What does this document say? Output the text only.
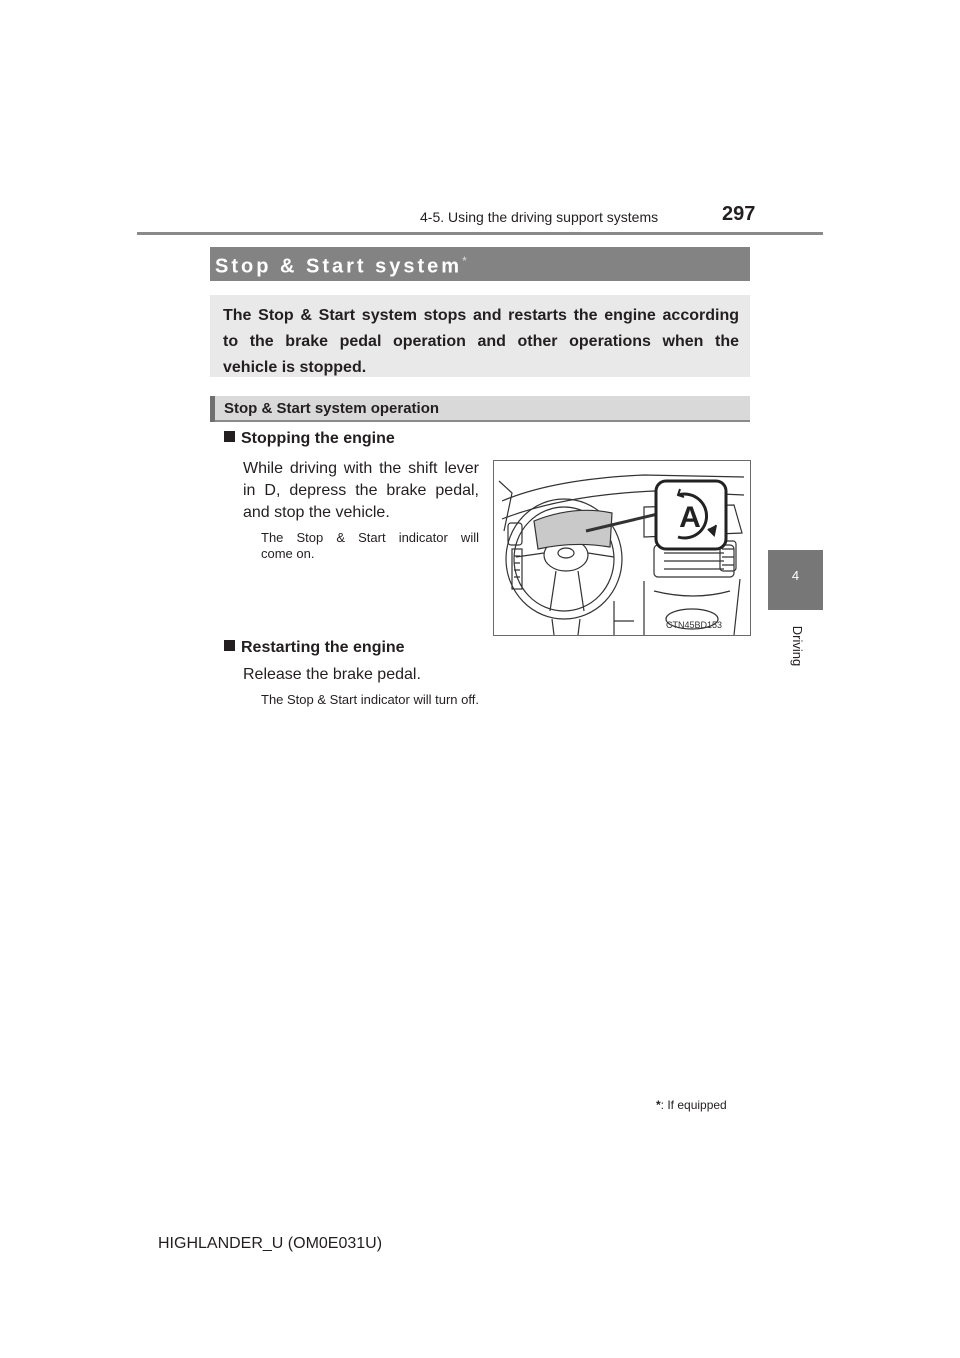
4-5. Using the driving support systems	297
4
Driving
Stop & Start system*
The Stop & Start system stops and restarts the engine according
to the brake pedal operation and other operations when the
vehicle is stopped.
Stop & Start system operation
Stopping the engine
While driving with the shift lever
in D, depress the brake pedal,
and stop the vehicle.
The Stop & Start indicator will
come on.
A
CTN45BD153
Restarting the engine
Release the brake pedal.
The Stop & Start indicator will turn off.
*: If equipped
HIGHLANDER_U (OM0E031U)
